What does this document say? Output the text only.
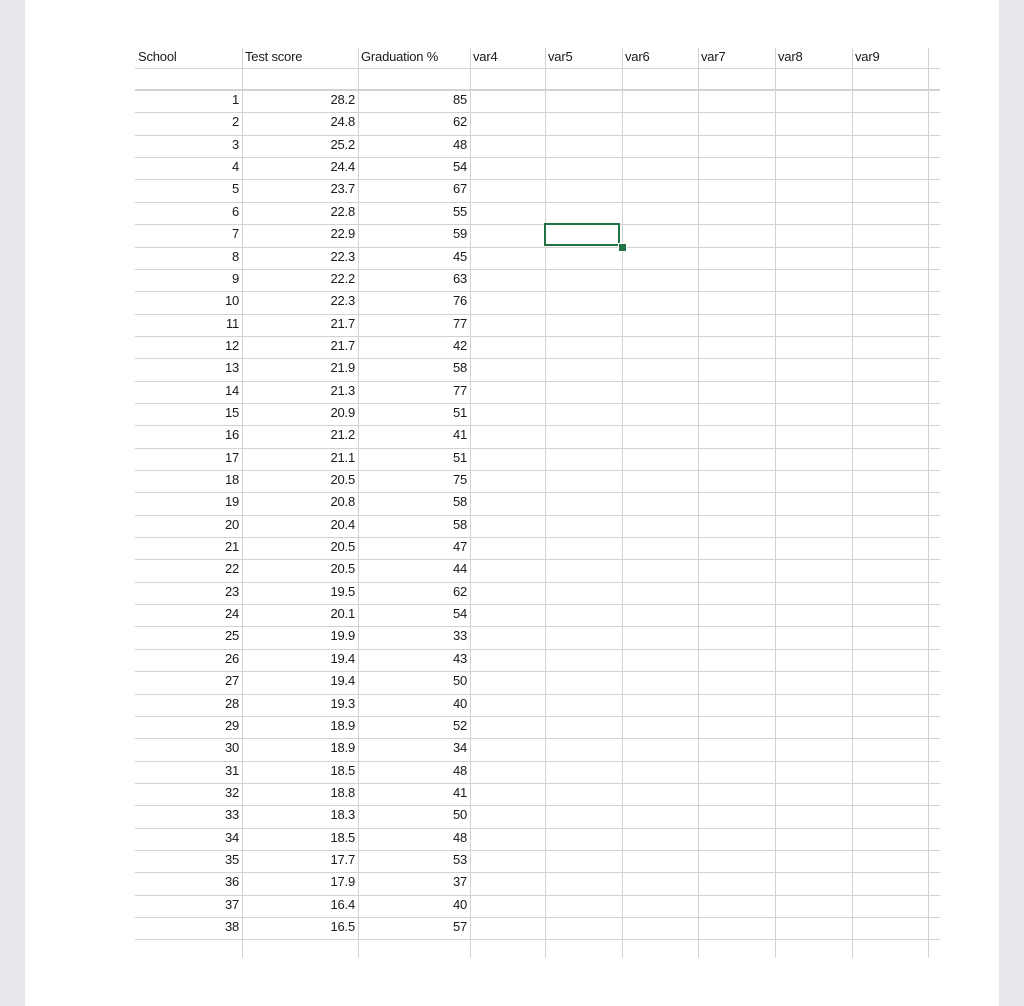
School	Test score	Graduation %	var4	var5	var6	var7	var8	var9
1	28.2	85
2	24.8	62
3	25.2	48
4	24.4	54
5	23.7	67
6	22.8	55
7	22.9	59
8	22.3	45
9	22.2	63
10	22.3	76
11	21.7	77
12	21.7	42
13	21.9	58
14	21.3	77
15	20.9	51
16	21.2	41
17	21.1	51
18	20.5	75
19	20.8	58
20	20.4	58
21	20.5	47
22	20.5	44
23	19.5	62
24	20.1	54
25	19.9	33
26	19.4	43
27	19.4	50
28	19.3	40
29	18.9	52
30	18.9	34
31	18.5	48
32	18.8	41
33	18.3	50
34	18.5	48
35	17.7	53
36	17.9	37
37	16.4	40
38	16.5	57
